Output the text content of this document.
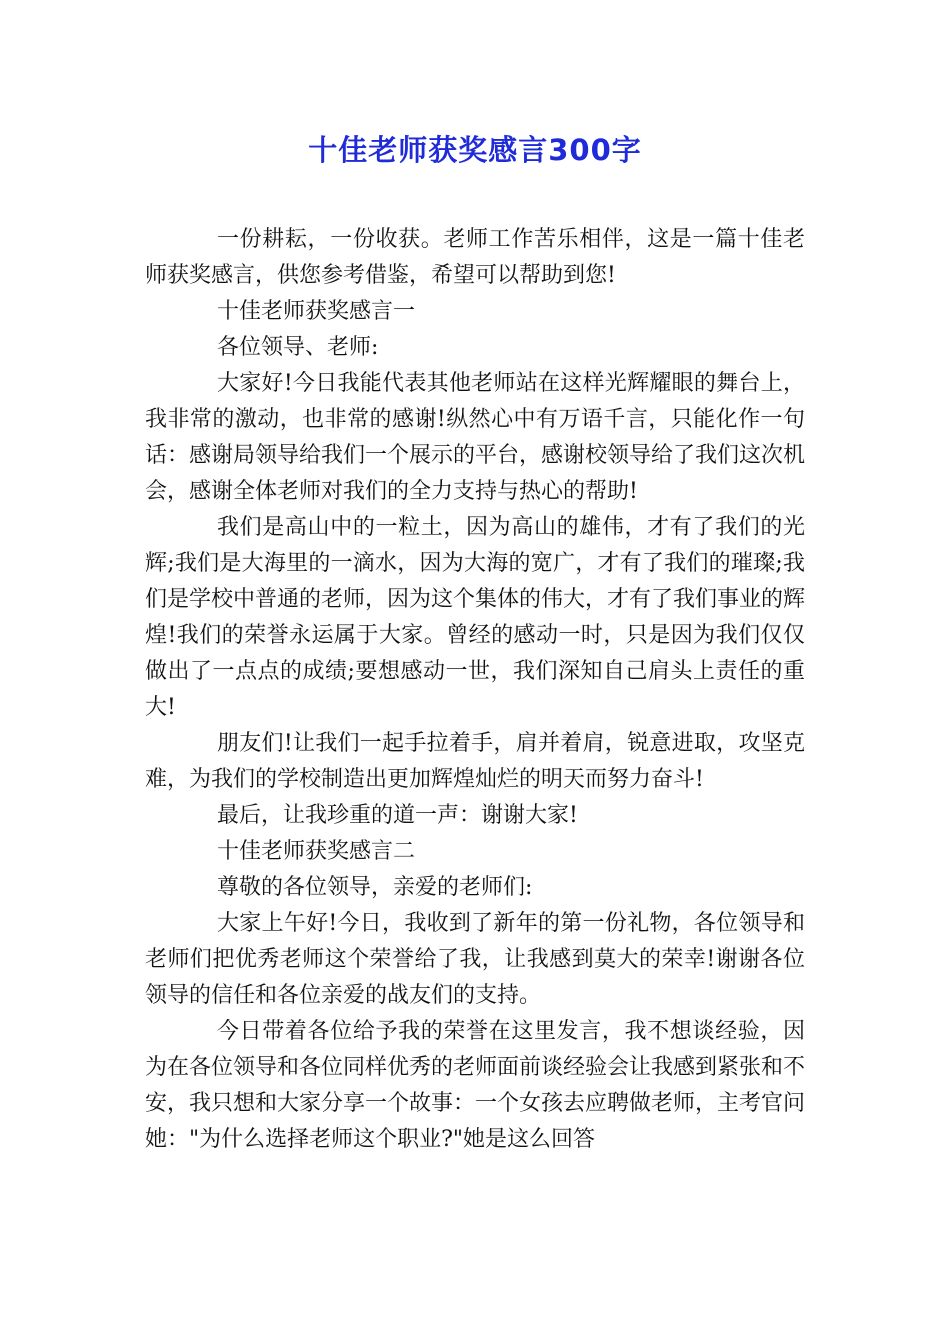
十佳老师获奖感言300字

一份耕耘，一份收获。老师工作苦乐相伴，这是一篇十佳老师获奖感言，供您参考借鉴，希望可以帮助到您!

十佳老师获奖感言一

各位领导、老师:

大家好!今日我能代表其他老师站在这样光辉耀眼的舞台上，我非常的激动，也非常的感谢!纵然心中有万语千言，只能化作一句话：感谢局领导给我们一个展示的平台，感谢校领导给了我们这次机会，感谢全体老师对我们的全力支持与热心的帮助!

我们是高山中的一粒土，因为高山的雄伟，才有了我们的光辉;我们是大海里的一滴水，因为大海的宽广，才有了我们的璀璨;我们是学校中普通的老师，因为这个集体的伟大，才有了我们事业的辉煌!我们的荣誉永运属于大家。曾经的感动一时，只是因为我们仅仅做出了一点点的成绩;要想感动一世，我们深知自己肩头上责任的重大!

朋友们!让我们一起手拉着手，肩并着肩，锐意进取，攻坚克难，为我们的学校制造出更加辉煌灿烂的明天而努力奋斗!

最后，让我珍重的道一声：谢谢大家!

十佳老师获奖感言二

尊敬的各位领导，亲爱的老师们:

大家上午好!今日，我收到了新年的第一份礼物，各位领导和老师们把优秀老师这个荣誉给了我，让我感到莫大的荣幸!谢谢各位领导的信任和各位亲爱的战友们的支持。

今日带着各位给予我的荣誉在这里发言，我不想谈经验，因为在各位领导和各位同样优秀的老师面前谈经验会让我感到紧张和不安，我只想和大家分享一个故事：一个女孩去应聘做老师，主考官问她："为什么选择老师这个职业?"她是这么回答
